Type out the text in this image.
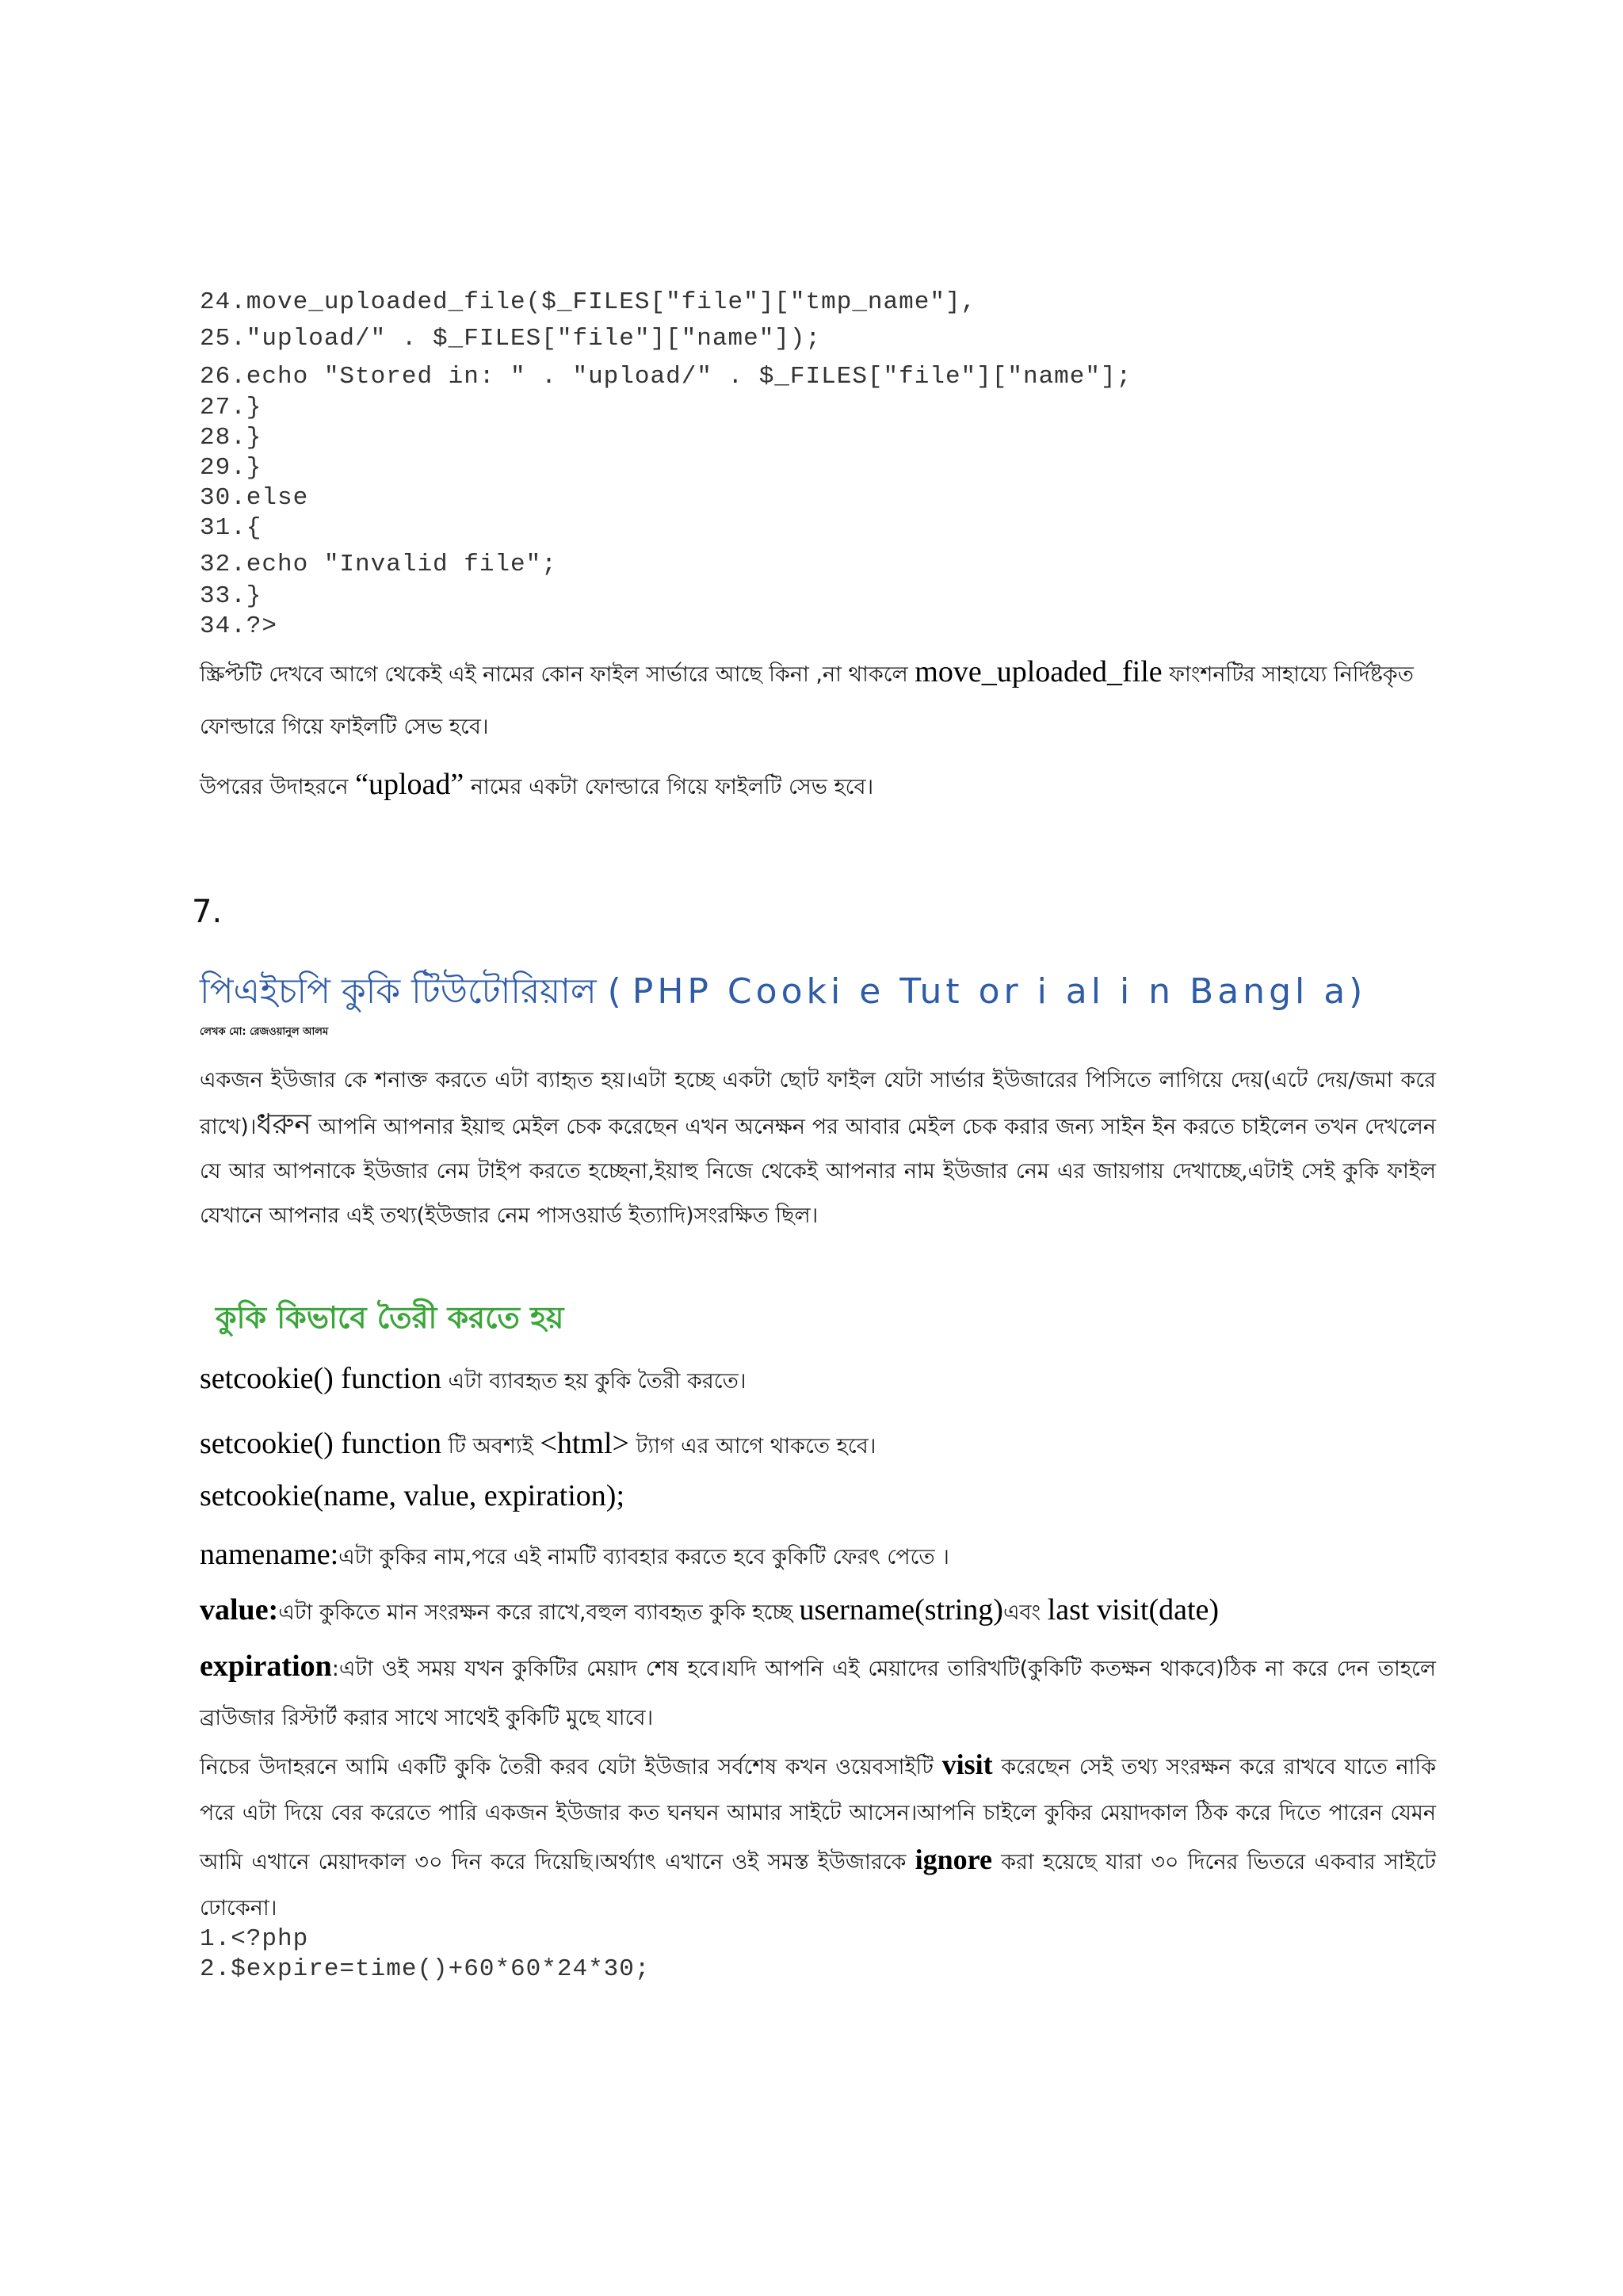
24.move_uploaded_file($_FILES["file"]["tmp_name"],
25."upload/" . $_FILES["file"]["name"]);
26.echo "Stored in: " . "upload/" . $_FILES["file"]["name"];
27.}
28.}
29.}
30.else
31.{
32.echo "Invalid file";
33.}
34.?>
স্ক্রিপ্টটি দেখবে আগে থেকেই এই নামের কোন ফাইল সার্ভারে আছে কিনা ,না থাকলে move_uploaded_file ফাংশনটির সাহায্যে নির্দিষ্টকৃত
ফোল্ডারে গিয়ে ফাইলটি সেভ হবে।
উপরের উদাহরনে “upload” নামের একটা ফোল্ডারে গিয়ে ফাইলটি সেভ হবে।
7.
পিএইচপি কুকি টিউটোরিয়াল ( PHP Cooki e Tut or i al i n Bangl a)
লেখক মো: রেজওয়ানুল আলম
একজন ইউজার কে শনাক্ত করতে এটা ব্যাহৃত হয়।এটা হচ্ছে একটা ছোট ফাইল যেটা সার্ভার ইউজারের পিসিতে লাগিয়ে দেয়(এটে দেয়/জমা করে রাখে)।ধরুন আপনি আপনার ইয়াহু মেইল চেক করেছেন এখন অনেক্ষন পর আবার মেইল চেক করার জন্য সাইন ইন করতে চাইলেন তখন দেখলেন যে আর আপনাকে ইউজার নেম টাইপ করতে হচ্ছেনা,ইয়াহু নিজে থেকেই আপনার নাম ইউজার নেম এর জায়গায় দেখাচ্ছে,এটাই সেই কুকি ফাইল যেখানে আপনার এই তথ্য(ইউজার নেম পাসওয়ার্ড ইত্যাদি)সংরক্ষিত ছিল।
কুকি কিভাবে তৈরী করতে হয়
setcookie() function এটা ব্যাবহৃত হয় কুকি তৈরী করতে।
setcookie() function টি অবশ্যই <html> ট্যাগ এর আগে থাকতে হবে।
setcookie(name, value, expiration);
namename:এটা কুকির নাম,পরে এই নামটি ব্যাবহার করতে হবে কুকিটি ফেরৎ পেতে ।
value:এটা কুকিতে মান সংরক্ষন করে রাখে,বহুল ব্যাবহৃত কুকি হচ্ছে username(string)এবং last visit(date)
expiration:এটা ওই সময় যখন কুকিটির মেয়াদ শেষ হবে।যদি আপনি এই মেয়াদের তারিখটি(কুকিটি কতক্ষন থাকবে)ঠিক না করে দেন তাহলে ব্রাউজার রিস্টার্ট করার সাথে সাথেই কুকিটি মুছে যাবে।
নিচের উদাহরনে আমি একটি কুকি তৈরী করব যেটা ইউজার সর্বশেষ কখন ওয়েবসাইটি visit করেছেন সেই তথ্য সংরক্ষন করে রাখবে যাতে নাকি পরে এটা দিয়ে বের করেতে পারি একজন ইউজার কত ঘনঘন আমার সাইটে আসেন।আপনি চাইলে কুকির মেয়াদকাল ঠিক করে দিতে পারেন যেমন আমি এখানে মেয়াদকাল ৩০ দিন করে দিয়েছি।অর্থ্যাৎ এখানে ওই সমস্ত ইউজারকে ignore করা হয়েছে যারা ৩০ দিনের ভিতরে একবার সাইটে ঢোকেনা।
1.<?php
2.$expire=time()+60*60*24*30;
